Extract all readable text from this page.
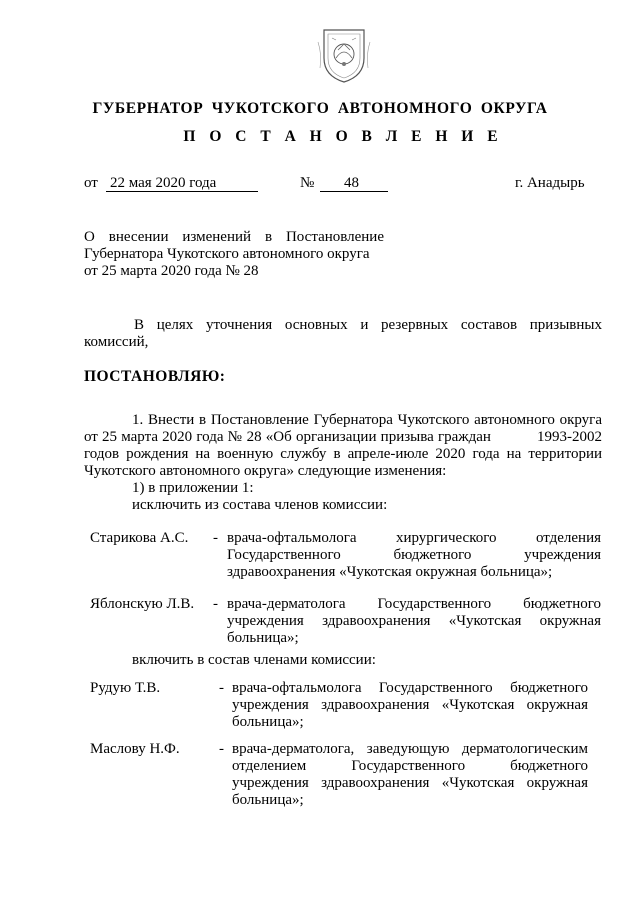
ГУБЕРНАТОР ЧУКОТСКОГО АВТОНОМНОГО ОКРУГА
П О С Т А Н О В Л Е Н И Е
от 22 мая 2020 года	№ 48	г. Анадырь
О внесении изменений в Постановление
Губернатора Чукотского автономного округа
от 25 марта 2020 года № 28
В целях уточнения основных и резервных составов призывных
комиссий,
ПОСТАНОВЛЯЮ:
1. Внести в Постановление Губернатора Чукотского автономного округа
от 25 марта 2020 года № 28 «Об организации призыва граждан           1993-2002
годов рождения на военную службу в апреле-июле 2020 года на территории
Чукотского автономного округа» следующие изменения:
1) в приложении 1:
исключить из состава членов комиссии:
Старикова А.С. - врача-офтальмолога хирургического отделения
Государственного бюджетного учреждения
здравоохранения «Чукотская окружная больница»;
Яблонскую Л.В. - врача-дерматолога Государственного бюджетного
учреждения здравоохранения «Чукотская окружная
больница»;
включить в состав членами комиссии:
Рудую Т.В.	- врача-офтальмолога Государственного бюджетного
учреждения здравоохранения «Чукотская окружная
больница»;
Маслову Н.Ф.	- врача-дерматолога, заведующую дерматологическим
отделением Государственного бюджетного
учреждения здравоохранения «Чукотская окружная
больница»;
